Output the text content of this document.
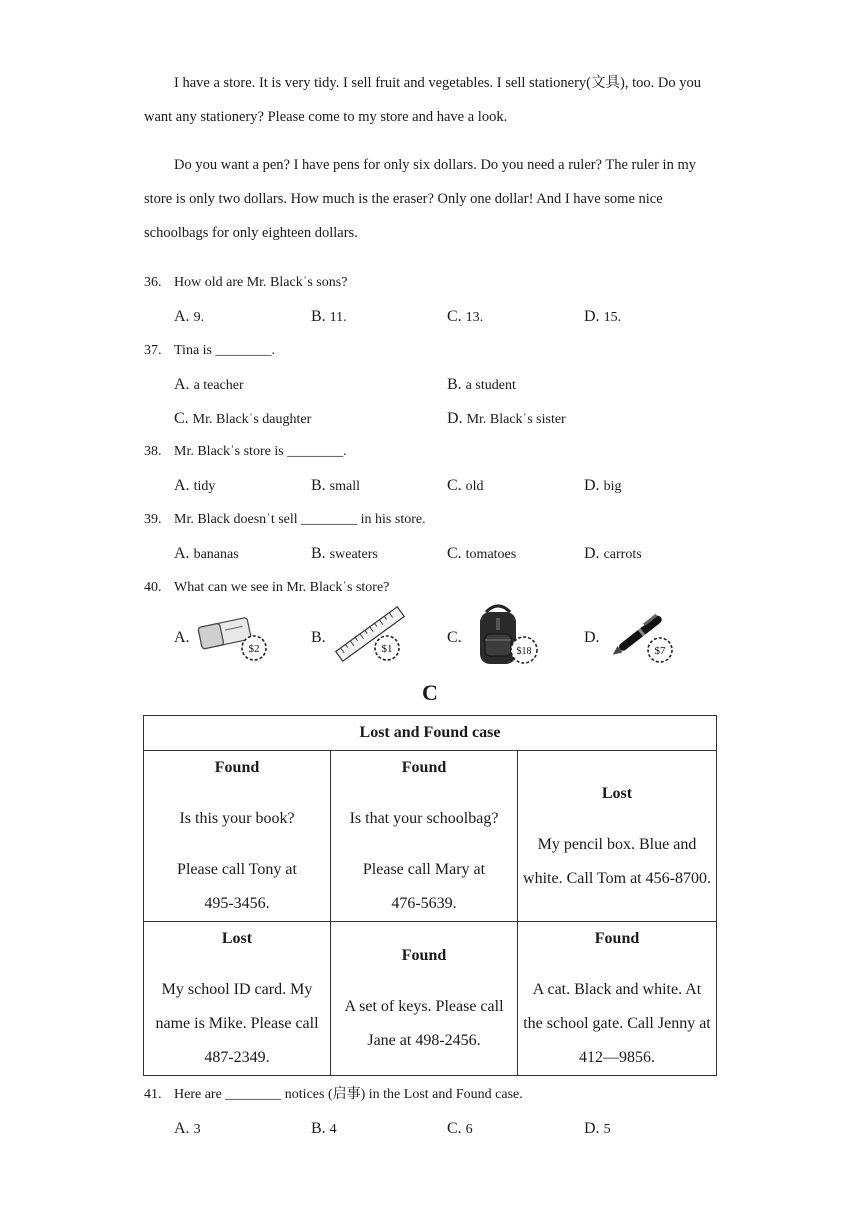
I have a store. It is very tidy. I sell fruit and vegetables. I sell stationery(文具), too. Do you want any stationery? Please come to my store and have a look.

Do you want a pen? I have pens for only six dollars. Do you need a ruler? The ruler in my store is only two dollars. How much is the eraser? Only one dollar! And I have some nice schoolbags for only eighteen dollars.

36. How old are Mr. Blackˈs sons?
A. 9.	B. 11.	C. 13.	D. 15.
37. Tina is ________.
A. a teacher	B. a student
C. Mr. Blackˈs daughter	D. Mr. Blackˈs sister
38. Mr. Blackˈs store is ________.
A. tidy	B. small	C. old	D. big
39. Mr. Black doesnˈt sell ________ in his store.
A. bananas	B. sweaters	C. tomatoes	D. carrots
40. What can we see in Mr. Blackˈs store?
A.
$2
B.
$1
C.
$18
D.
$7
C
Lost and Found case		

Found
Is this your book?
Please call Tony at
495-3456.	Found
Is that your schoolbag?
Please call Mary at
476-5639.	Lost
My pencil box. Blue and
white. Call Tom at 456-8700.

Lost
My school ID card. My
name is Mike. Please call
487-2349.	Found
A set of keys. Please call
Jane at 498-2456.	Found
A cat. Black and white. At
the school gate. Call Jenny at
412—9856.
41. Here are ________ notices (启事) in the Lost and Found case.
A. 3	B. 4	C. 6	D. 5
